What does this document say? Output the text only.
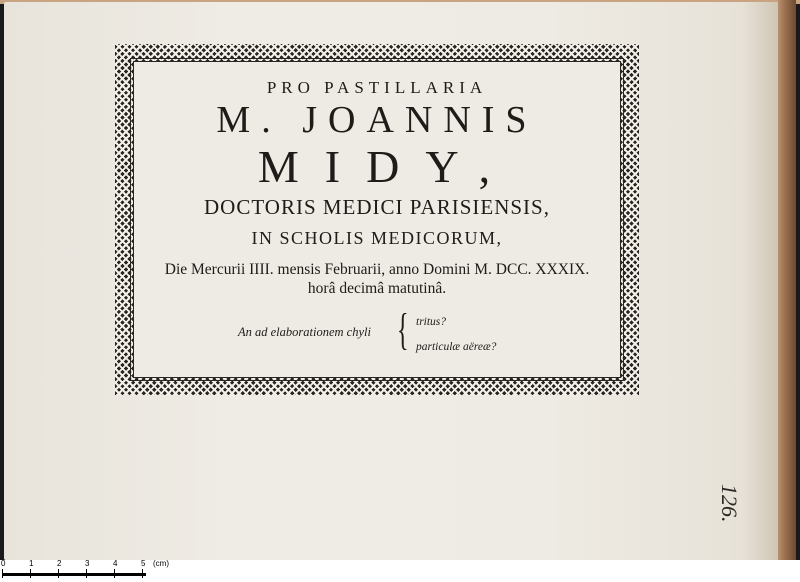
PRO PASTILLARIA
M. JOANNIS
MIDY,
DOCTORIS MEDICI PARISIENSIS,
IN SCHOLIS MEDICORUM,
Die Mercurii IIII. mensis Februarii, anno Domini M. DCC. XXXIX.
horâ decimâ matutinâ.
An ad elaborationem chyli { tritus?
particulæ aëreæ?
126.
0	1	2	3	4	5 (cm)
